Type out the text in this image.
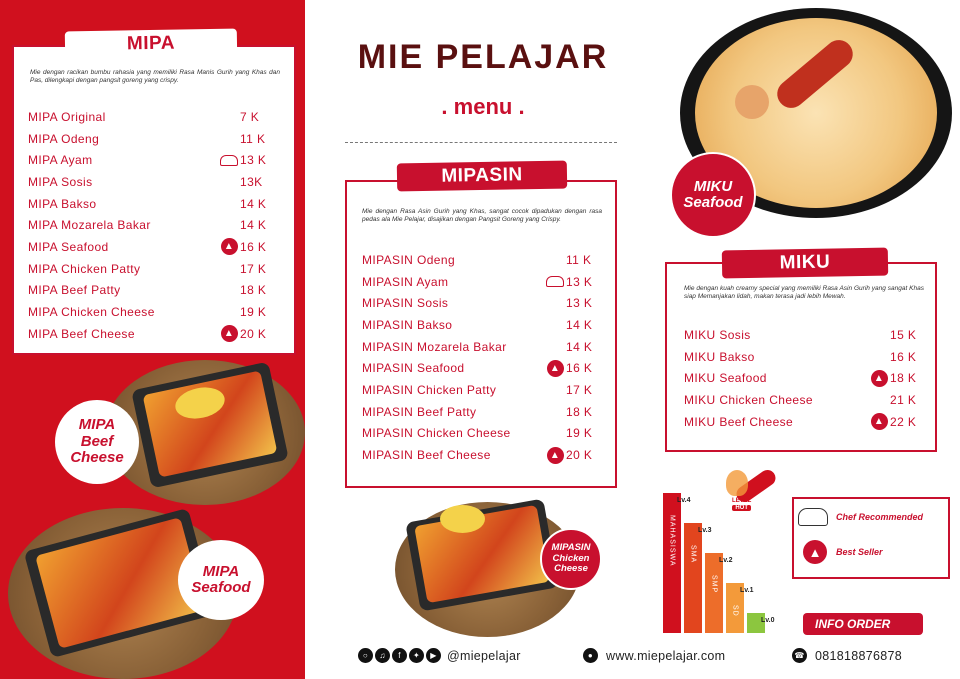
MIPA
Mie dengan racikan bumbu rahasia yang memiliki Rasa Manis Gurih yang Khas dan Pas, dilengkapi dengan pangsit goreng yang crispy.
MIPA Original	7 K
MIPA Odeng	11 K
MIPA Ayam	13 K
MIPA Sosis	13K
MIPA Bakso	14 K
MIPA Mozarela Bakar	14 K
MIPA Seafood	▲ 16 K
MIPA Chicken Patty	17 K
MIPA Beef Patty	18 K
MIPA Chicken Cheese	19 K
MIPA Beef Cheese	▲ 20 K
MIPA
Beef
Cheese
MIPA
Seafood
MIE PELAJAR
. menu .
MIPASIN
Mie dengan Rasa Asin Gurih yang Khas, sangat cocok dipadukan dengan rasa pedas ala Mie Pelajar, disajikan dengan Pangsit Goreng yang Crispy.
MIPASIN Odeng	11 K
MIPASIN Ayam	13 K
MIPASIN Sosis	13 K
MIPASIN Bakso	14 K
MIPASIN Mozarela Bakar	14 K
MIPASIN Seafood	▲ 16 K
MIPASIN Chicken Patty	17 K
MIPASIN Beef Patty	18 K
MIPASIN Chicken Cheese	19 K
MIPASIN Beef Cheese	▲ 20 K
MIPASIN
Chicken
Cheese
MIKU
Seafood
MIKU
Mie dengan kuah creamy special yang memiliki Rasa Asin Gurih yang sangat Khas siap Memanjakan lidah, makan terasa jadi lebih Mewah.
MIKU Sosis	15 K
MIKU Bakso	16 K
MIKU Seafood	▲ 18 K
MIKU Chicken Cheese	21 K
MIKU Beef Cheese	▲ 22 K
MAHASISWA
Lv.4
SMA
Lv.3
SMP
Lv.2
SD
Lv.1
TK
Lv.0
LEVEL
HOT
Chef Recommended
▲	Best Seller
INFO ORDER
○	♫	f	✦	▶ @miepelajar	●	www.miepelajar.com	☎ 081818876878
